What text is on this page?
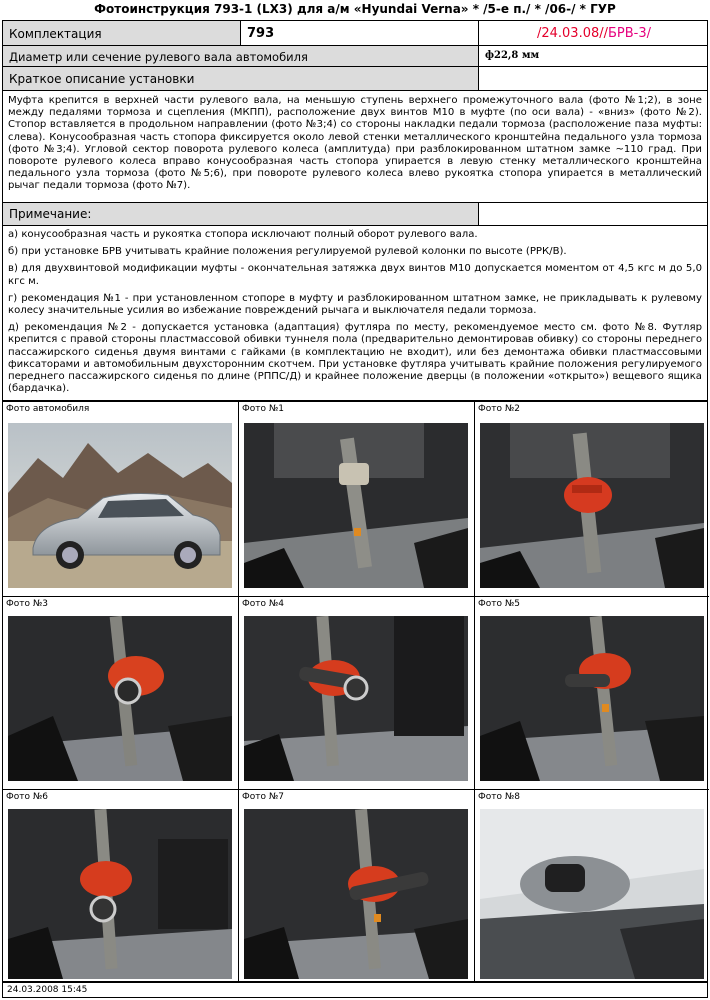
Фотоинструкция 793-1 (LX3) для а/м «Hyundai Verna» * /5-е п./ * /06-/ * ГУР
Комплектация	793	/24.03.08//БРВ-3/
Диаметр или сечение рулевого вала автомобиля	ф22,8 мм
Краткое описание установки
Муфта крепится в верхней части рулевого вала, на меньшую ступень верхнего промежуточного вала (фото №1;2), в зоне между педалями тормоза и сцепления (МКПП), расположение двух винтов М10 в муфте (по оси вала) - «вниз» (фото №2). Стопор вставляется в продольном направлении (фото №3;4) со стороны накладки педали тормоза (расположение паза муфты: слева). Конусообразная часть стопора фиксируется около левой стенки металлического кронштейна педального узла тормоза (фото №3;4). Угловой сектор поворота рулевого колеса (амплитуда) при разблокированном штатном замке ~110 град. При повороте рулевого колеса вправо конусообразная часть стопора упирается в левую стенку металлического кронштейна педального узла тормоза (фото №5;6), при повороте рулевого колеса влево рукоятка стопора упирается в металлический рычаг педали тормоза (фото №7).
Примечание:

а) конусообразная часть и рукоятка стопора исключают полный оборот рулевого вала.

б) при установке БРВ учитывать крайние положения регулируемой рулевой колонки по высоте (РРК/В).

в) для двухвинтовой модификации муфты - окончательная затяжка двух винтов М10 допускается моментом от 4,5 кгс м до 5,0 кгс м.

г) рекомендация №1 - при установленном стопоре в муфту и разблокированном штатном замке, не прикладывать к рулевому колесу значительные усилия во избежание повреждений рычага и выключателя педали тормоза.

д) рекомендация №2 - допускается установка (адаптация) футляра по месту, рекомендуемое место см. фото №8. Футляр крепится с правой стороны пластмассовой обивки туннеля пола (предварительно демонтировав обивку) со стороны переднего пассажирского сиденья двумя винтами с гайками (в комплектацию не входит), или без демонтажа обивки пластмассовыми фиксаторами и автомобильным двухсторонним скотчем. При установке футляра учитывать крайние положения регулируемого переднего пассажирского сиденья по длине (РППС/Д) и крайнее положение дверцы (в положении «открыто») вещевого ящика (бардачка).

Фото автомобиля	Фото №1	Фото №2
Фото №3	Фото №4	Фото №5
Фото №6	Фото №7	Фото №8
24.03.2008 15:45
